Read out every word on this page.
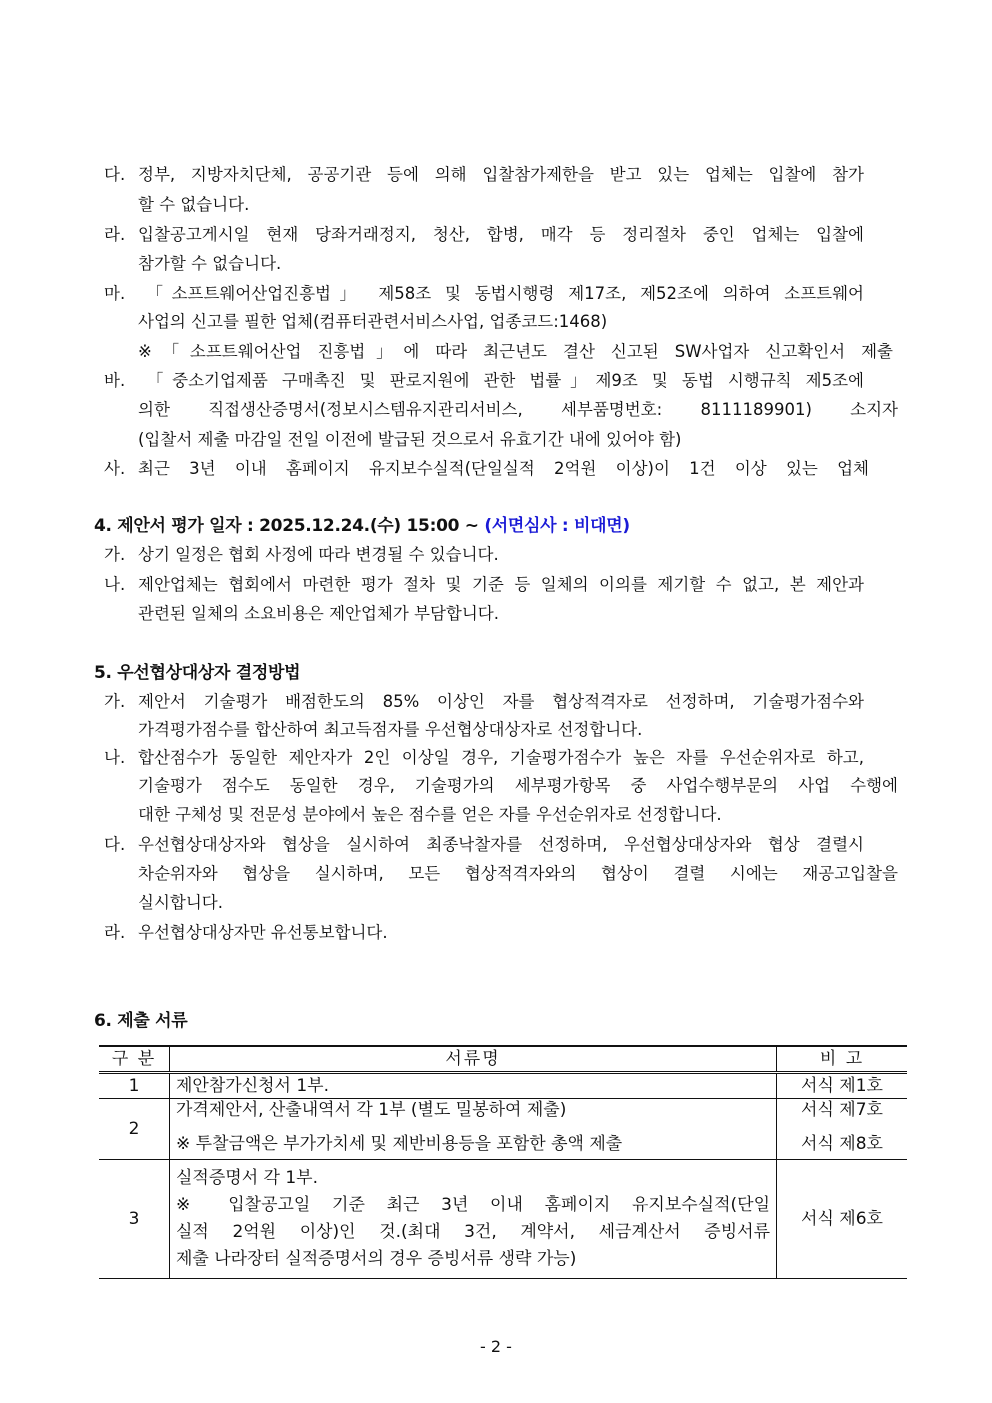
다. 정부, 지방자치단체, 공공기관 등에 의해 입찰참가제한을 받고 있는 업체는 입찰에 참가
할 수 없습니다.
라. 입찰공고게시일 현재 당좌거래정지, 청산, 합병, 매각 등 정리절차 중인 업체는 입찰에
참가할 수 없습니다.
마. 「소프트웨어산업진흥법」 제58조 및 동법시행령 제17조, 제52조에 의하여 소프트웨어
사업의 신고를 필한 업체(컴퓨터관련서비스사업, 업종코드:1468)
※「소프트웨어산업 진흥법」에 따라 최근년도 결산 신고된 SW사업자 신고확인서 제출
바. 「중소기업제품 구매촉진 및 판로지원에 관한 법률」제9조 및 동법 시행규칙 제5조에
의한 직접생산증명서(정보시스템유지관리서비스, 세부품명번호: 8111189901) 소지자
(입찰서 제출 마감일 전일 이전에 발급된 것으로서 유효기간 내에 있어야 함)
사. 최근 3년 이내 홈페이지 유지보수실적(단일실적 2억원 이상)이 1건 이상 있는 업체
4. 제안서 평가 일자 : 2025.12.24.(수) 15:00 ~ (서면심사 : 비대면)
가. 상기 일정은 협회 사정에 따라 변경될 수 있습니다.
나. 제안업체는 협회에서 마련한 평가 절차 및 기준 등 일체의 이의를 제기할 수 없고, 본 제안과
관련된 일체의 소요비용은 제안업체가 부담합니다.
5. 우선협상대상자 결정방법
가. 제안서 기술평가 배점한도의 85% 이상인 자를 협상적격자로 선정하며, 기술평가점수와
가격평가점수를 합산하여 최고득점자를 우선협상대상자로 선정합니다.
나. 합산점수가 동일한 제안자가 2인 이상일 경우, 기술평가점수가 높은 자를 우선순위자로 하고,
기술평가 점수도 동일한 경우, 기술평가의 세부평가항목 중 사업수행부문의 사업 수행에
대한 구체성 및 전문성 분야에서 높은 점수를 얻은 자를 우선순위자로 선정합니다.
다. 우선협상대상자와 협상을 실시하여 최종낙찰자를 선정하며, 우선협상대상자와 협상 결렬시
차순위자와 협상을 실시하며, 모든 협상적격자와의 협상이 결렬 시에는 재공고입찰을
실시합니다.
라. 우선협상대상자만 유선통보합니다.
6. 제출 서류
구 분	서류명	비 고
1	제안참가신청서 1부.	서식 제1호
2	가격제안서, 산출내역서 각 1부 (별도 밀봉하여 제출)
※ 투찰금액은 부가가치세 및 제반비용등을 포함한 총액 제출	서식 제7호
서식 제8호

3	실적증명서 각 1부.
※ 입찰공고일 기준 최근 3년 이내 홈페이지 유지보수실적(단일
실적 2억원 이상)인 것.(최대 3건, 계약서, 세금계산서 증빙서류
제출 나라장터 실적증명서의 경우 증빙서류 생략 가능)	서식 제6호
- 2 -
